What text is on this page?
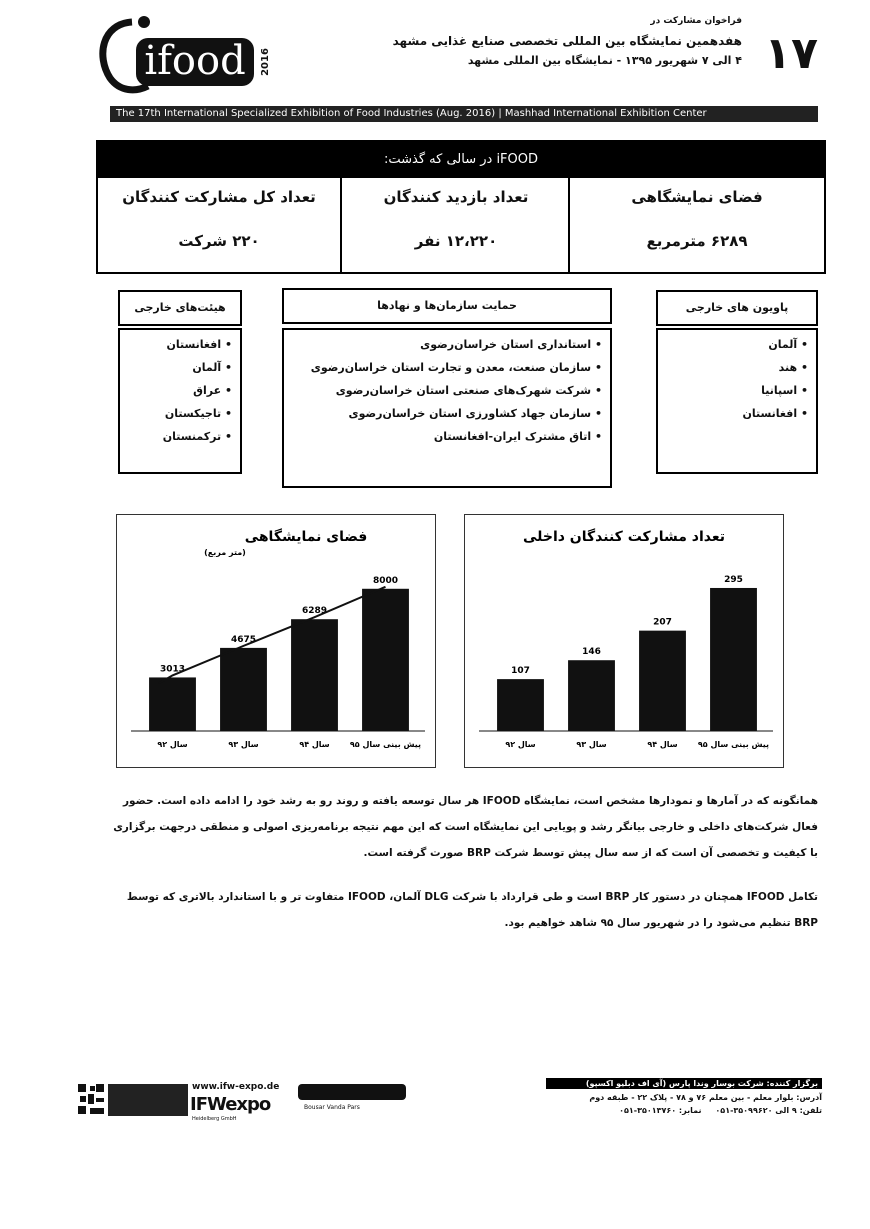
ifood 2016	۱۷
فراخوان مشارکت در
هفدهمین نمایشگاه بین المللی تخصصی صنایع غذایی مشهد
۴ الی ۷ شهریور ۱۳۹۵ - نمایشگاه بین المللی مشهد
The 17th International Specialized Exhibition of Food Industries (Aug. 2016) | Mashhad International Exhibition Center
iFOOD در سالی که گذشت:
تعداد کل مشارکت کنندگان
۲۲۰ شرکت
تعداد بازدید کنندگان
۱۲،۲۲۰ نفر
فضای نمایشگاهی
۶۲۸۹ مترمربع
پاویون های خارجی
• آلمان
• هند
• اسپانیا
• افغانستان
حمایت سازمان‌ها و نهادها
• استانداری استان خراسان‌رضوی
• سازمان صنعت، معدن و تجارت استان خراسان‌رضوی
• شرکت شهرک‌های صنعتی استان خراسان‌رضوی
• سازمان جهاد کشاورزی استان خراسان‌رضوی
• اتاق مشترک ایران-افغانستان
هیئت‌های خارجی
• افغانستان
• آلمان
• عراق
• تاجیکستان
• ترکمنستان
فضای نمایشگاهی
(متر مربع)
3013
سال ۹۲
4675
سال ۹۳
6289
سال ۹۴
8000
پیش بینی سال ۹۵
تعداد مشارکت کنندگان داخلی
107
سال ۹۲
146
سال ۹۳
207
سال ۹۴
295
پیش بینی سال ۹۵
همانگونه که در آمارها و نمودارها مشخص است، نمایشگاه IFOOD هر سال توسعه یافته و روند رو به رشد خود را ادامه داده است. حضور فعال شرکت‌های داخلی و خارجی بیانگر رشد و پویایی این نمایشگاه است که این مهم نتیجه برنامه‌ریزی اصولی و منطقی درجهت برگزاری با کیفیت و تخصصی آن است که از سه سال پیش توسط شرکت BRP صورت گرفته است.
تکامل IFOOD همچنان در دستور کار BRP است و طی قرارداد با شرکت DLG آلمان، IFOOD متفاوت تر و با استاندارد بالاتری که توسط BRP تنظیم می‌شود را در شهریور سال ۹۵ شاهد خواهیم بود.
www.ifw-expo.de
IFWexpo
Heidelberg GmbH
Bousar Vanda Pars
برگزار کننده: شرکت بوسار وندا پارس (آی اف دبلیو اکسپو)
آدرس: بلوار معلم - بین معلم ۷۶ و ۷۸ - پلاک ۲۲ - طبقه دوم
تلفن: ۹ الی ۳۵۰۹۹۶۲۰-۰۵۱     نمابر: ۳۵۰۱۳۷۶۰-۰۵۱
